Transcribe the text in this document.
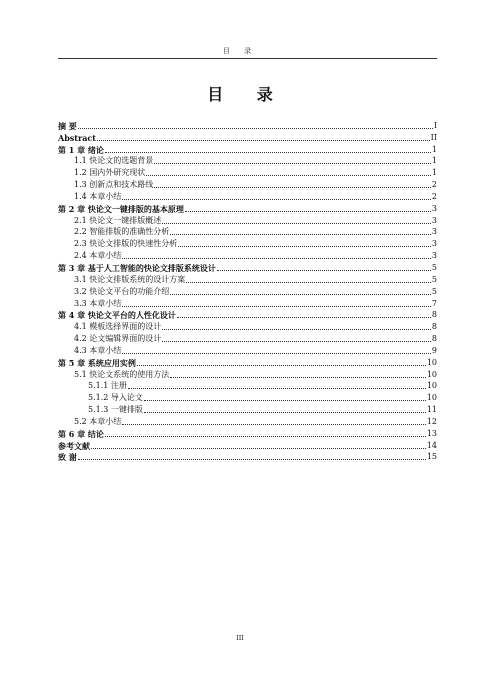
目 录
目 录
摘 要	I
Abstract	II
第 1 章 绪论	1
1.1 快论文的选题背景	1
1.2 国内外研究现状	1
1.3 创新点和技术路线	2
1.4 本章小结	2
第 2 章 快论文一键排版的基本原理	3
2.1 快论文一键排版概述	3
2.2 智能排版的准确性分析	3
2.3 快论文排版的快速性分析	3
2.4 本章小结	3
第 3 章 基于人工智能的快论文排版系统设计	5
3.1 快论文排版系统的设计方案	5
3.2 快论文平台的功能介绍	5
3.3 本章小结	7
第 4 章 快论文平台的人性化设计	8
4.1 模板选择界面的设计	8
4.2 论文编辑界面的设计	8
4.3 本章小结	9
第 5 章 系统应用实例	10
5.1 快论文系统的使用方法	10
5.1.1 注册	10
5.1.2 导入论文	10
5.1.3 一键排版	11
5.2 本章小结	12
第 6 章 结论	13
参考文献	14
致 谢	15
III
